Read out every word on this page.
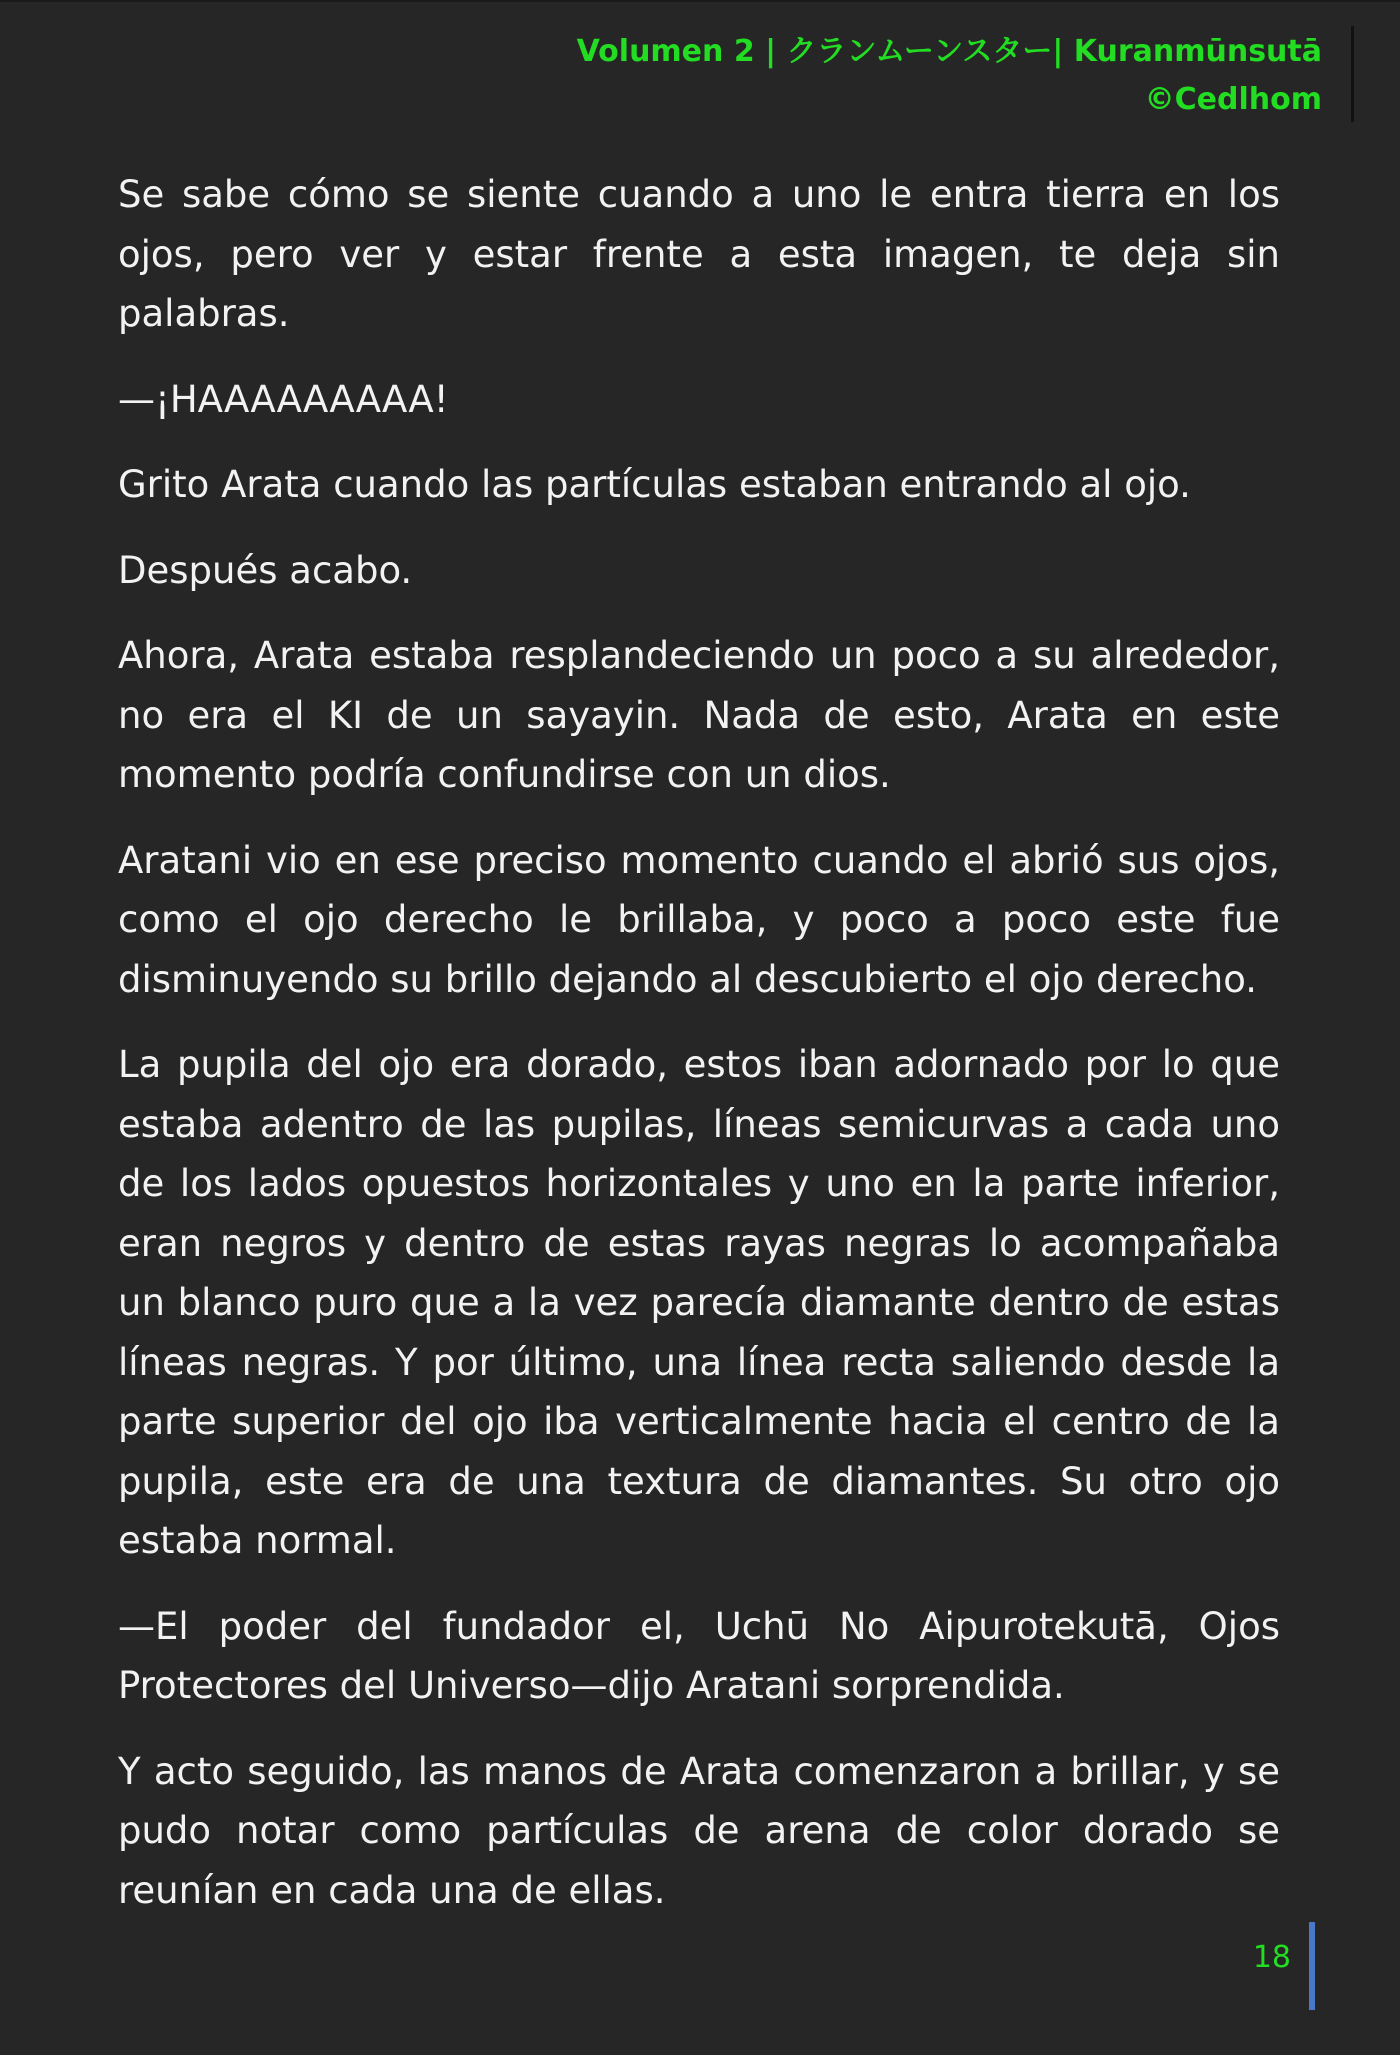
Volumen 2 | クランムーンスター| Kuranmūnsutā
©Cedlhom

Se sabe cómo se siente cuando a uno le entra tierra en los ojos, pero ver y estar frente a esta imagen, te deja sin palabras.

—¡HAAAAAAAAA!

Grito Arata cuando las partículas estaban entrando al ojo.

Después acabo.

Ahora, Arata estaba resplandeciendo un poco a su alrededor, no era el KI de un sayayin. Nada de esto, Arata en este momento podría confundirse con un dios.

Aratani vio en ese preciso momento cuando el abrió sus ojos, como el ojo derecho le brillaba, y poco a poco este fue disminuyendo su brillo dejando al descubierto el ojo derecho.

La pupila del ojo era dorado, estos iban adornado por lo que estaba adentro de las pupilas, líneas semicurvas a cada uno de los lados opuestos horizontales y uno en la parte inferior, eran negros y dentro de estas rayas negras lo acompañaba un blanco puro que a la vez parecía diamante dentro de estas líneas negras. Y por último, una línea recta saliendo desde la parte superior del ojo iba verticalmente hacia el centro de la pupila, este era de una textura de diamantes. Su otro ojo estaba normal.

—El poder del fundador el, Uchū No Aipurotekutā, Ojos Protectores del Universo—dijo Aratani sorprendida.

Y acto seguido, las manos de Arata comenzaron a brillar, y se pudo notar como partículas de arena de color dorado se reunían en cada una de ellas.

18
